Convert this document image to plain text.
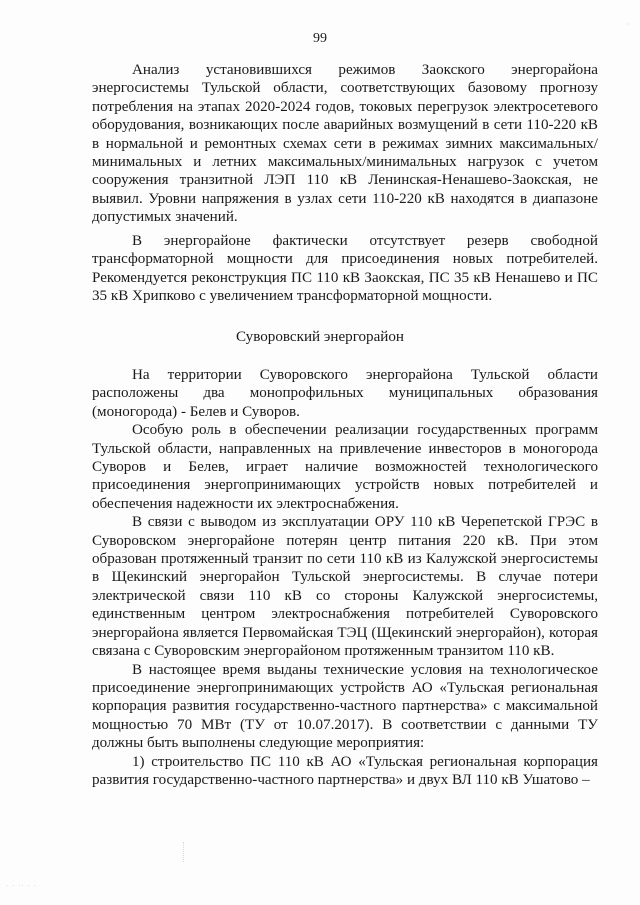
·
99

Анализ установившихся режимов Заокского энергорайона энергосистемы Тульской области, соответствующих базовому прогнозу потребления на этапах 2020-2024 годов, токовых перегрузок электросетевого оборудования, возникающих после аварийных возмущений в сети 110-220 кВ в нормальной и ремонтных схемах сети в режимах зимних максимальных/минимальных и летних максимальных/минимальных нагрузок с учетом сооружения транзитной ЛЭП 110 кВ Ленинская-Ненашево-Заокская, не выявил. Уровни напряжения в узлах сети 110-220 кВ находятся в диапазоне допустимых значений.

В энергорайоне фактически отсутствует резерв свободной трансформаторной мощности для присоединения новых потребителей. Рекомендуется реконструкция ПС 110 кВ Заокская, ПС 35 кВ Ненашево и ПС 35 кВ Хрипково с увеличением трансформаторной мощности.

Суворовский энергорайон

На территории Суворовского энергорайона Тульской области расположены два монопрофильных муниципальных образования (моногорода) - Белев и Суворов.

Особую роль в обеспечении реализации государственных программ Тульской области, направленных на привлечение инвесторов в моногорода Суворов и Белев, играет наличие возможностей технологического присоединения энергопринимающих устройств новых потребителей и обеспечения надежности их электроснабжения.

В связи с выводом из эксплуатации ОРУ 110 кВ Черепетской ГРЭС в Суворовском энергорайоне потерян центр питания 220 кВ. При этом образован протяженный транзит по сети 110 кВ из Калужской энергосистемы в Щекинский энергорайон Тульской энергосистемы. В случае потери электрической связи 110 кВ со стороны Калужской энергосистемы, единственным центром электроснабжения потребителей Суворовского энергорайона является Первомайская ТЭЦ (Щекинский энергорайон), которая связана с Суворовским энергорайоном протяженным транзитом 110 кВ.

В настоящее время выданы технические условия на технологическое присоединение энергопринимающих устройств АО «Тульская региональная корпорация развития государственно-частного партнерства» с максимальной мощностью 70 МВт (ТУ от 10.07.2017). В соответствии с данными ТУ должны быть выполнены следующие мероприятия:

1) строительство ПС 110 кВ АО «Тульская региональная корпорация развития государственно-частного партнерства» и двух ВЛ 110 кВ Ушатово –

· · ·· · ·
